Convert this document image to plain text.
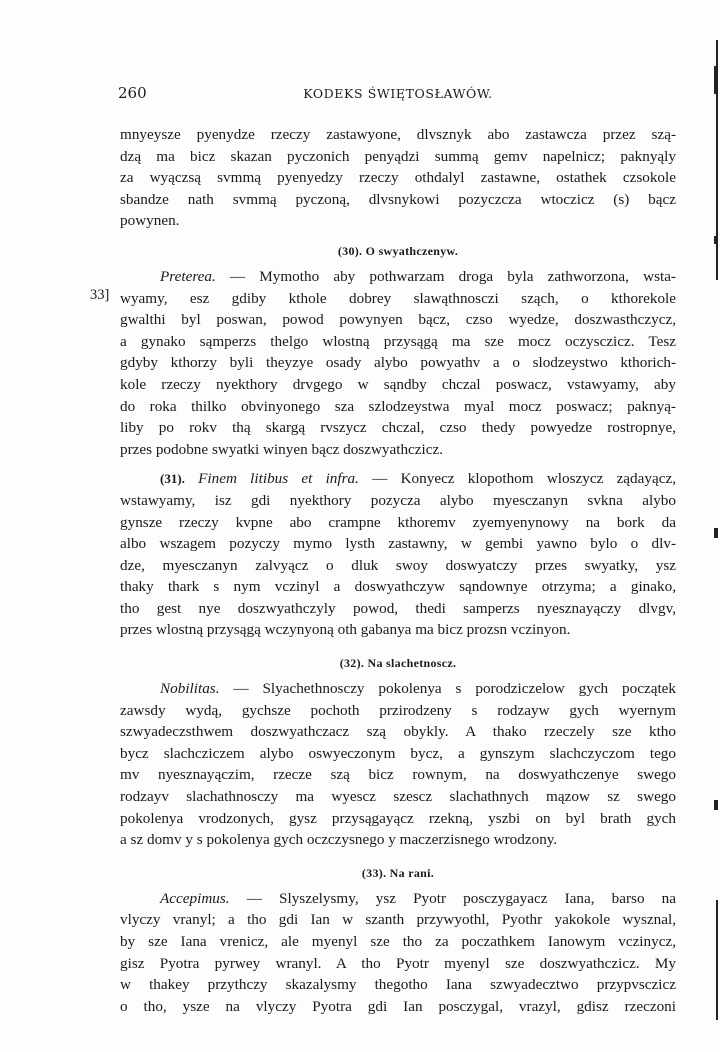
260	KODEKS ŚWIĘTOSŁAWÓW.
33]
mnyeysze pyenydze rzeczy zastawyone, dlvsznyk abo zastawcza przez szą-
dzą ma bicz skazan pyczonich penyądzi summą gemv napelnicz; paknyąly
za wyączsą svmmą pyenyedzy rzeczy othdalyl zastawne, ostathek czsokole
sbandze nath svmmą pyczoną, dlvsnykowi pozyczcza wtoczicz (s) bącz
powynen.
(30). O swyathczenyw.
Preterea. — Mymotho aby pothwarzam droga byla zathworzona, wsta-
wyamy, esz gdiby kthole dobrey slawąthnosczi sząch, o kthorekole
gwalthi byl poswan, powod powynyen bącz, czso wyedze, doszwasthczycz,
a gynako sąmperzs thelgo wlostną przysągą ma sze mocz oczysczicz. Tesz
gdyby kthorzy byli theyzye osady alybo powyathv a o slodzeystwo kthorich-
kole rzeczy nyekthory drvgego w sąndby chczal poswacz, vstawyamy, aby
do roka thilko obvinyonego sza szlodzeystwa myal mocz poswacz; paknyą-
liby po rokv thą skargą rvszycz chczal, czso thedy powyedze rostropnye,
przes podobne swyatki winyen bącz doszwyathczicz.
(31). Finem litibus et infra. — Konyecz klopothom wloszycz ządayącz,
wstawyamy, isz gdi nyekthory pozycza alybo myesczanyn svkna alybo
gynsze rzeczy kvpne abo crampne kthoremv zyemyenynowy na bork da
albo wszagem pozyczy mymo lysth zastawny, w gembi yawno bylo o dlv-
dze, myesczanyn zalvyącz o dluk swoy doswyatczy przes swyatky, ysz
thaky thark s nym vczinyl a doswyathczyw sąndownye otrzyma; a ginako,
tho gest nye doszwyathczyly powod, thedi samperzs nyesznayączy dlvgv,
przes wlostną przysągą wczynyoną oth gabanya ma bicz prozsn vczinyon.
(32). Na slachetnoscz.
Nobilitas. — Slyachethnosczy pokolenya s porodziczelow gych początek
zawsdy wydą, gychsze pochoth przirodzeny s rodzayw gych wyernym
szwyadeczsthwem doszwyathczacz szą obykly. A thako rzeczely sze ktho
bycz slachcziczem alybo oswyeczonym bycz, a gynszym slachczyczom tego
mv nyesznayączim, rzecze szą bicz rownym, na doswyathczenye swego
rodzayv slachathnosczy ma wyescz szescz slachathnych mązow sz swego
pokolenya vrodzonych, gysz przysągayącz rzekną, yszbi on byl brath gych
a sz domv y s pokolenya gych oczczysnego y maczerzisnego wrodzony.
(33). Na rani.
Accepimus. — Slyszelysmy, ysz Pyotr posczygayacz Iana, barso na
vlyczy vranyl; a tho gdi Ian w szanth przywyothl, Pyothr yakokole wysznal,
by sze Iana vrenicz, ale myenyl sze tho za poczathkem Ianowym vczinycz,
gisz Pyotra pyrwey wranyl. A tho Pyotr myenyl sze doszwyathczicz. My
w thakey przythczy skazalysmy thegotho Iana szwyadecztwo przypvsczicz
o tho, ysze na vlyczy Pyotra gdi Ian posczygal, vrazyl, gdisz rzeczoni
